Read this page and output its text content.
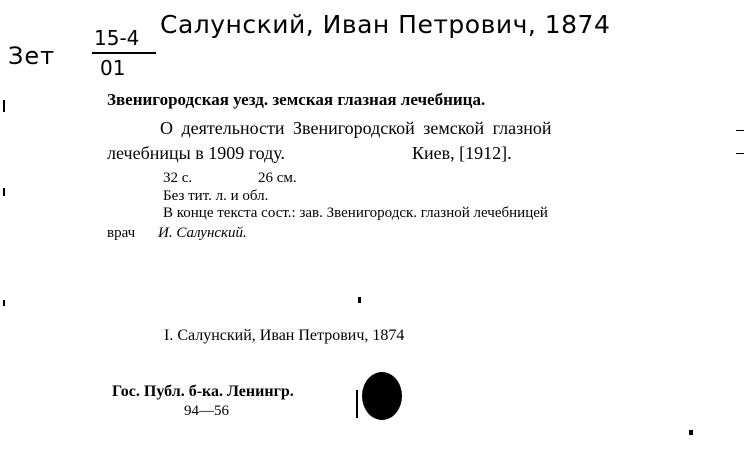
Зет
15-4
01
Салунский, Иван Петрович, 1874
Звенигородская уезд. земская глазная лечебница.
О деятельности Звенигородской земской глазной
лечебницы в 1909 году.	Киев, [1912].
32 с.	26 см.
Без тит. л. и обл.
В конце текста сост.: зав. Звенигородск. глазной лечебницей
врач И. Салунский.
I. Салунский, Иван Петрович, 1874
Гос. Публ. б-ка. Ленингр.
94—56
